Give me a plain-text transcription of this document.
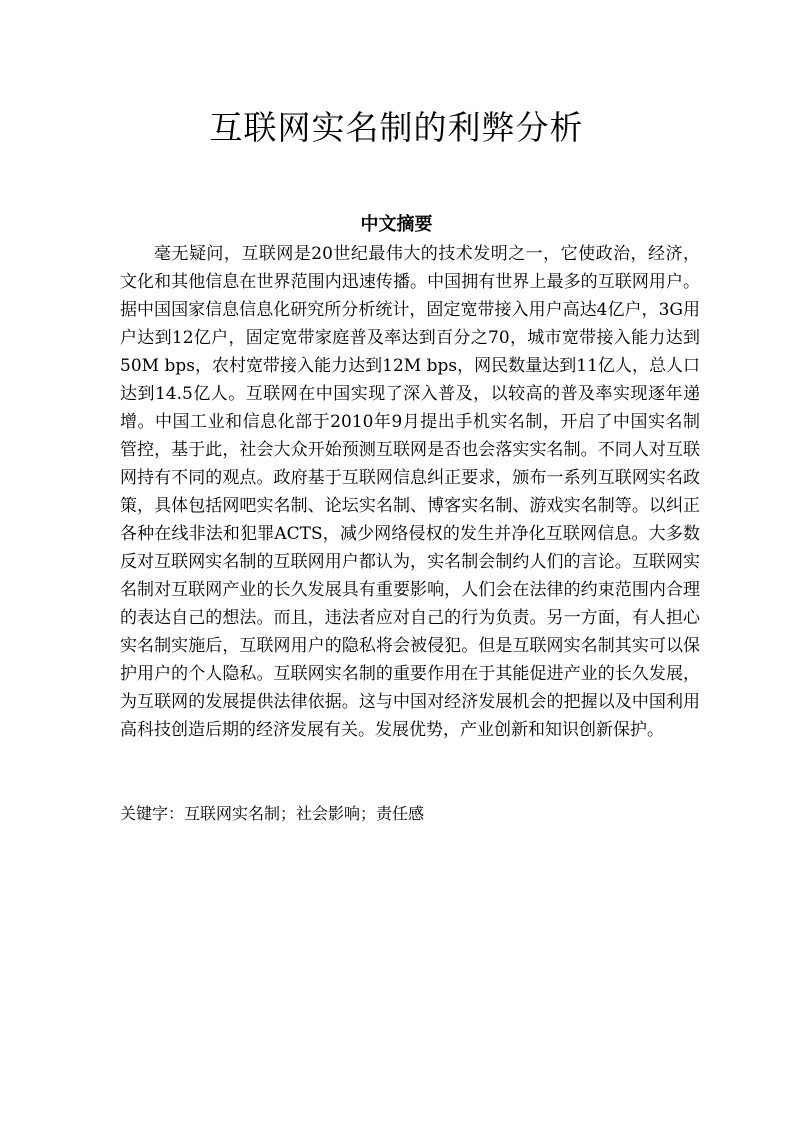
互联网实名制的利弊分析
中文摘要

毫无疑问，互联网是20世纪最伟大的技术发明之一，它使政治，经济，文化和其他信息在世界范围内迅速传播。中国拥有世界上最多的互联网用户。据中国国家信息信息化研究所分析统计，固定宽带接入用户高达4亿户，3G用户达到12亿户，固定宽带家庭普及率达到百分之70，城市宽带接入能力达到50M bps，农村宽带接入能力达到12M bps，网民数量达到11亿人，总人口达到14.5亿人。互联网在中国实现了深入普及，以较高的普及率实现逐年递增。中国工业和信息化部于2010年9月提出手机实名制，开启了中国实名制管控，基于此，社会大众开始预测互联网是否也会落实实名制。不同人对互联网持有不同的观点。政府基于互联网信息纠正要求，颁布一系列互联网实名政策，具体包括网吧实名制、论坛实名制、博客实名制、游戏实名制等。以纠正各种在线非法和犯罪ACTS，减少网络侵权的发生并净化互联网信息。大多数反对互联网实名制的互联网用户都认为，实名制会制约人们的言论。互联网实名制对互联网产业的长久发展具有重要影响，人们会在法律的约束范围内合理的表达自己的想法。而且，违法者应对自己的行为负责。另一方面，有人担心实名制实施后，互联网用户的隐私将会被侵犯。但是互联网实名制其实可以保护用户的个人隐私。互联网实名制的重要作用在于其能促进产业的长久发展，为互联网的发展提供法律依据。这与中国对经济发展机会的把握以及中国利用高科技创造后期的经济发展有关。发展优势，产业创新和知识创新保护。

关键字：互联网实名制；社会影响；责任感
